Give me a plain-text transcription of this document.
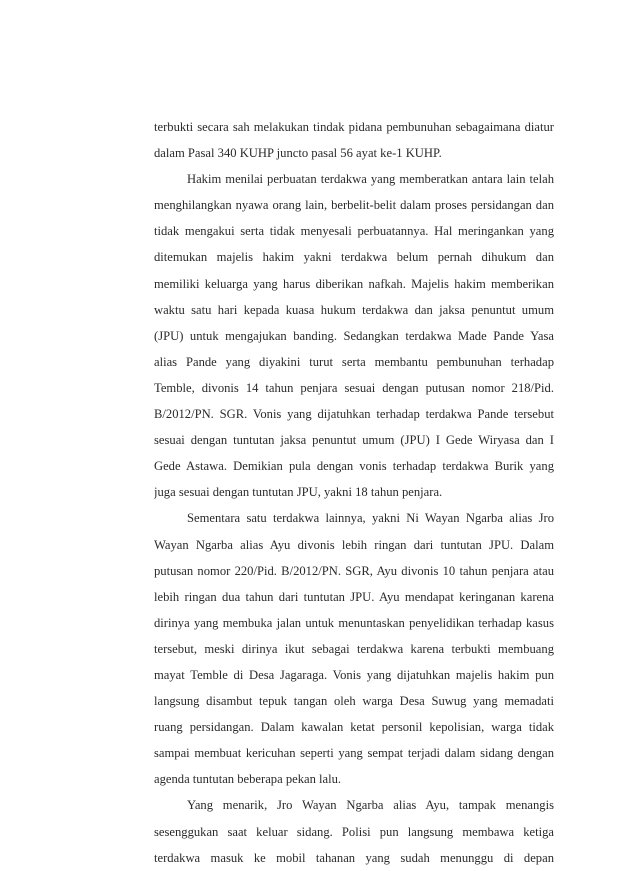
terbukti secara sah melakukan tindak pidana pembunuhan sebagaimana diatur
dalam Pasal 340 KUHP juncto pasal 56 ayat ke-1 KUHP.
Hakim menilai perbuatan terdakwa yang memberatkan antara lain telah
menghilangkan nyawa orang lain, berbelit-belit dalam proses persidangan dan
tidak mengakui serta tidak menyesali perbuatannya. Hal meringankan yang
ditemukan majelis hakim yakni terdakwa belum pernah dihukum dan
memiliki keluarga yang harus diberikan nafkah. Majelis hakim memberikan
waktu satu hari kepada kuasa hukum terdakwa dan jaksa penuntut umum
(JPU) untuk mengajukan banding. Sedangkan terdakwa Made Pande Yasa
alias Pande yang diyakini turut serta membantu pembunuhan terhadap
Temble, divonis 14 tahun penjara sesuai dengan putusan nomor 218/Pid.
B/2012/PN. SGR. Vonis yang dijatuhkan terhadap terdakwa Pande tersebut
sesuai dengan tuntutan jaksa penuntut umum (JPU) I Gede Wiryasa dan I
Gede Astawa. Demikian pula dengan vonis terhadap terdakwa Burik yang
juga sesuai dengan tuntutan JPU, yakni 18 tahun penjara.
Sementara satu terdakwa lainnya, yakni Ni Wayan Ngarba alias Jro
Wayan Ngarba alias Ayu divonis lebih ringan dari tuntutan JPU. Dalam
putusan nomor 220/Pid. B/2012/PN. SGR, Ayu divonis 10 tahun penjara atau
lebih ringan dua tahun dari tuntutan JPU. Ayu mendapat keringanan karena
dirinya yang membuka jalan untuk menuntaskan penyelidikan terhadap kasus
tersebut, meski dirinya ikut sebagai terdakwa karena terbukti membuang
mayat Temble di Desa Jagaraga. Vonis yang dijatuhkan majelis hakim pun
langsung disambut tepuk tangan oleh warga Desa Suwug yang memadati
ruang persidangan. Dalam kawalan ketat personil kepolisian, warga tidak
sampai membuat kericuhan seperti yang sempat terjadi dalam sidang dengan
agenda tuntutan beberapa pekan lalu.
Yang menarik, Jro Wayan Ngarba alias Ayu, tampak menangis
sesenggukan saat keluar sidang. Polisi pun langsung membawa ketiga
terdakwa masuk ke mobil tahanan yang sudah menunggu di depan
